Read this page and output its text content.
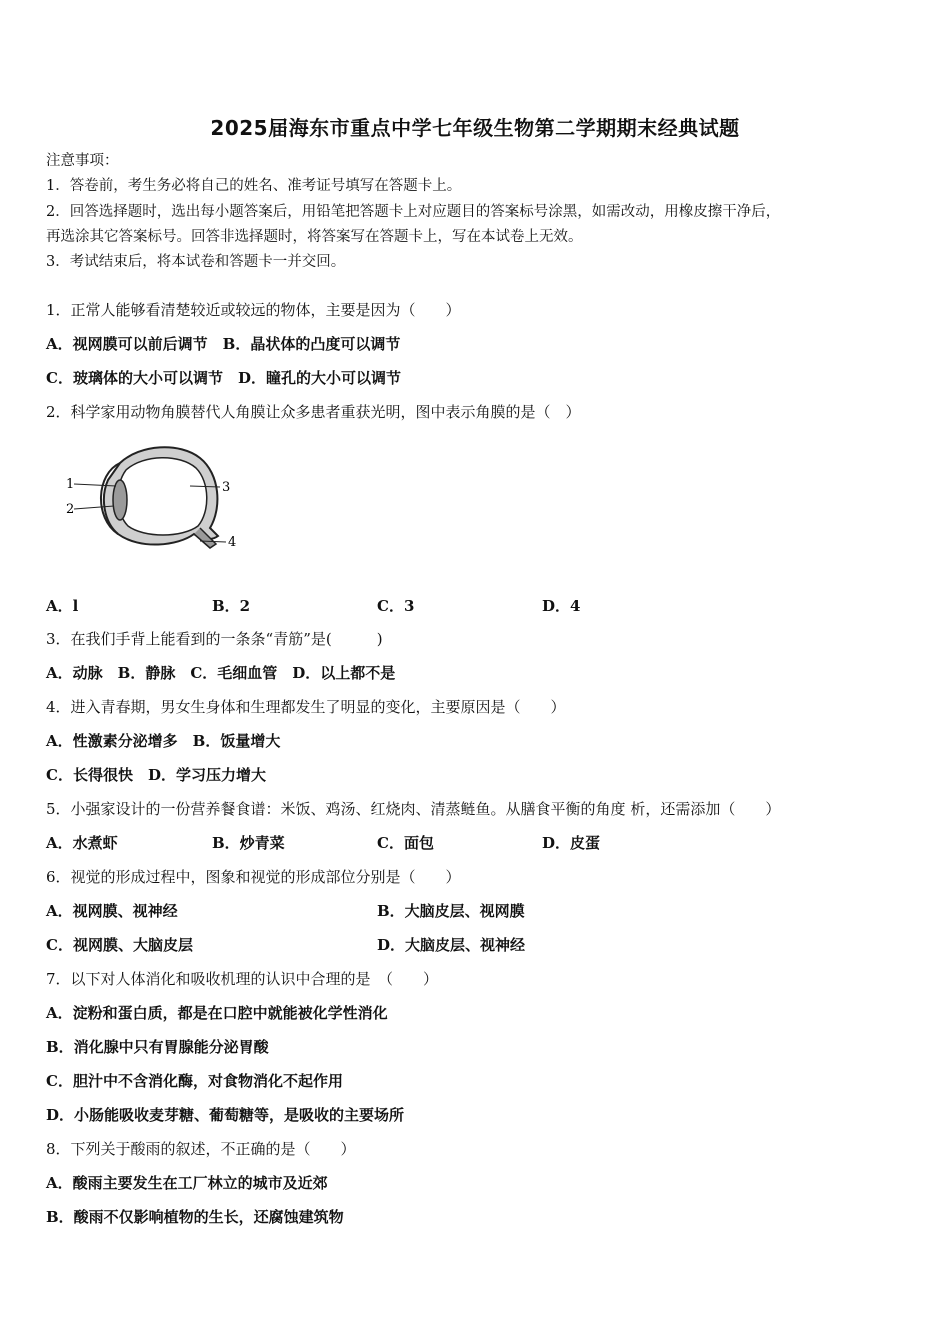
2025届海东市重点中学七年级生物第二学期期末经典试题
注意事项：
1．答卷前，考生务必将自己的姓名、准考证号填写在答题卡上。
2．回答选择题时，选出每小题答案后，用铅笔把答题卡上对应题目的答案标号涂黑，如需改动，用橡皮擦干净后，
再选涂其它答案标号。回答非选择题时，将答案写在答题卡上，写在本试卷上无效。
3．考试结束后，将本试卷和答题卡一并交回。
1．正常人能够看清楚较近或较远的物体，主要是因为（　　）
A．视网膜可以前后调节　B．晶状体的凸度可以调节
C．玻璃体的大小可以调节　D．瞳孔的大小可以调节
2．科学家用动物角膜替代人角膜让众多患者重获光明，图中表示角膜的是（　）
1
2
3
4
A．l	B．2	C．3	D．4
3．在我们手背上能看到的一条条“青筋”是(　　　)
A．动脉　B．静脉　C．毛细血管　D．以上都不是
4．进入青春期，男女生身体和生理都发生了明显的变化，主要原因是（　　）
A．性激素分泌增多　B．饭量增大
C．长得很快　D．学习压力增大
5．小强家设计的一份营养餐食谱：米饭、鸡汤、红烧肉、清蒸鲢鱼。从膳食平衡的角度 析，还需添加（　　）
A．水煮虾	B．炒青菜	C．面包	D．皮蛋
6．视觉的形成过程中，图象和视觉的形成部位分别是（　　）
A．视网膜、视神经	B．大脑皮层、视网膜
C．视网膜、大脑皮层	D．大脑皮层、视神经
7．以下对人体消化和吸收机理的认识中合理的是　（　　）
A．淀粉和蛋白质，都是在口腔中就能被化学性消化
B．消化腺中只有胃腺能分泌胃酸
C．胆汁中不含消化酶，对食物消化不起作用
D．小肠能吸收麦芽糖、葡萄糖等，是吸收的主要场所
8．下列关于酸雨的叙述，不正确的是（　　）
A．酸雨主要发生在工厂林立的城市及近郊
B．酸雨不仅影响植物的生长，还腐蚀建筑物
